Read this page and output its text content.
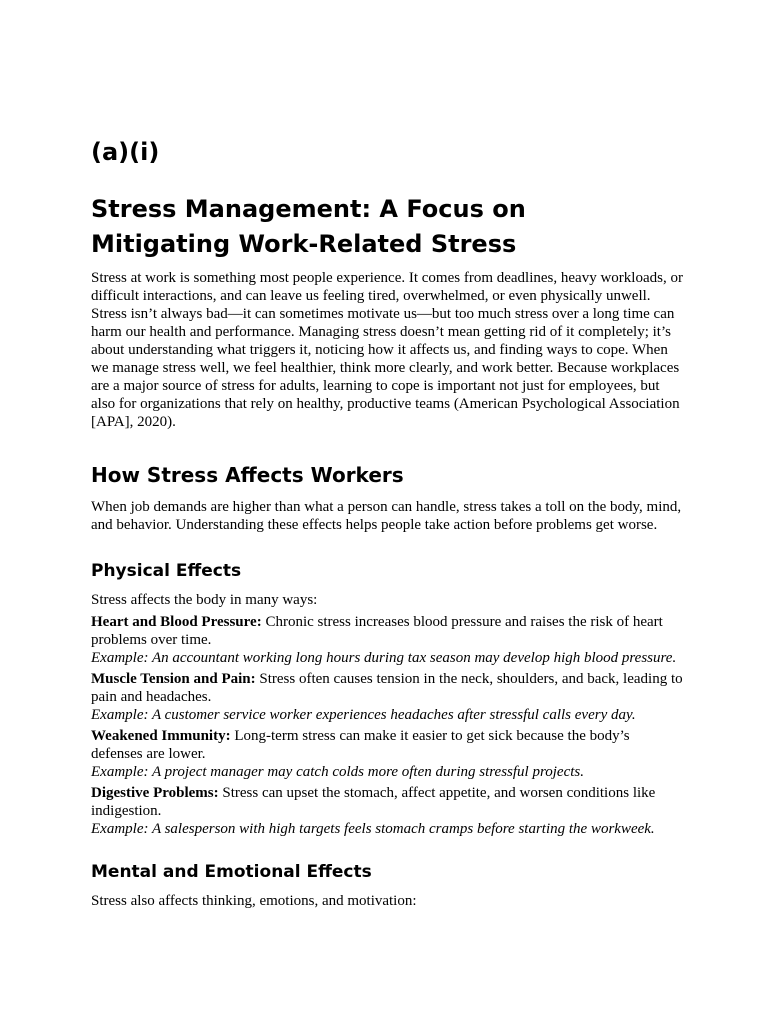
(a)(i)
Stress Management: A Focus on Mitigating Work-Related Stress

Stress at work is something most people experience. It comes from deadlines, heavy workloads, or difficult interactions, and can leave us feeling tired, overwhelmed, or even physically unwell. Stress isn’t always bad—it can sometimes motivate us—but too much stress over a long time can harm our health and performance. Managing stress doesn’t mean getting rid of it completely; it’s about understanding what triggers it, noticing how it affects us, and finding ways to cope. When we manage stress well, we feel healthier, think more clearly, and work better. Because workplaces are a major source of stress for adults, learning to cope is important not just for employees, but also for organizations that rely on healthy, productive teams (American Psychological Association [APA], 2020).

How Stress Affects Workers

When job demands are higher than what a person can handle, stress takes a toll on the body, mind, and behavior. Understanding these effects helps people take action before problems get worse.

Physical Effects

Stress affects the body in many ways:

Heart and Blood Pressure: Chronic stress increases blood pressure and raises the risk of heart problems over time.
Example: An accountant working long hours during tax season may develop high blood pressure.

Muscle Tension and Pain: Stress often causes tension in the neck, shoulders, and back, leading to pain and headaches.
Example: A customer service worker experiences headaches after stressful calls every day.

Weakened Immunity: Long-term stress can make it easier to get sick because the body’s defenses are lower.
Example: A project manager may catch colds more often during stressful projects.

Digestive Problems: Stress can upset the stomach, affect appetite, and worsen conditions like indigestion.
Example: A salesperson with high targets feels stomach cramps before starting the workweek.

Mental and Emotional Effects

Stress also affects thinking, emotions, and motivation:
